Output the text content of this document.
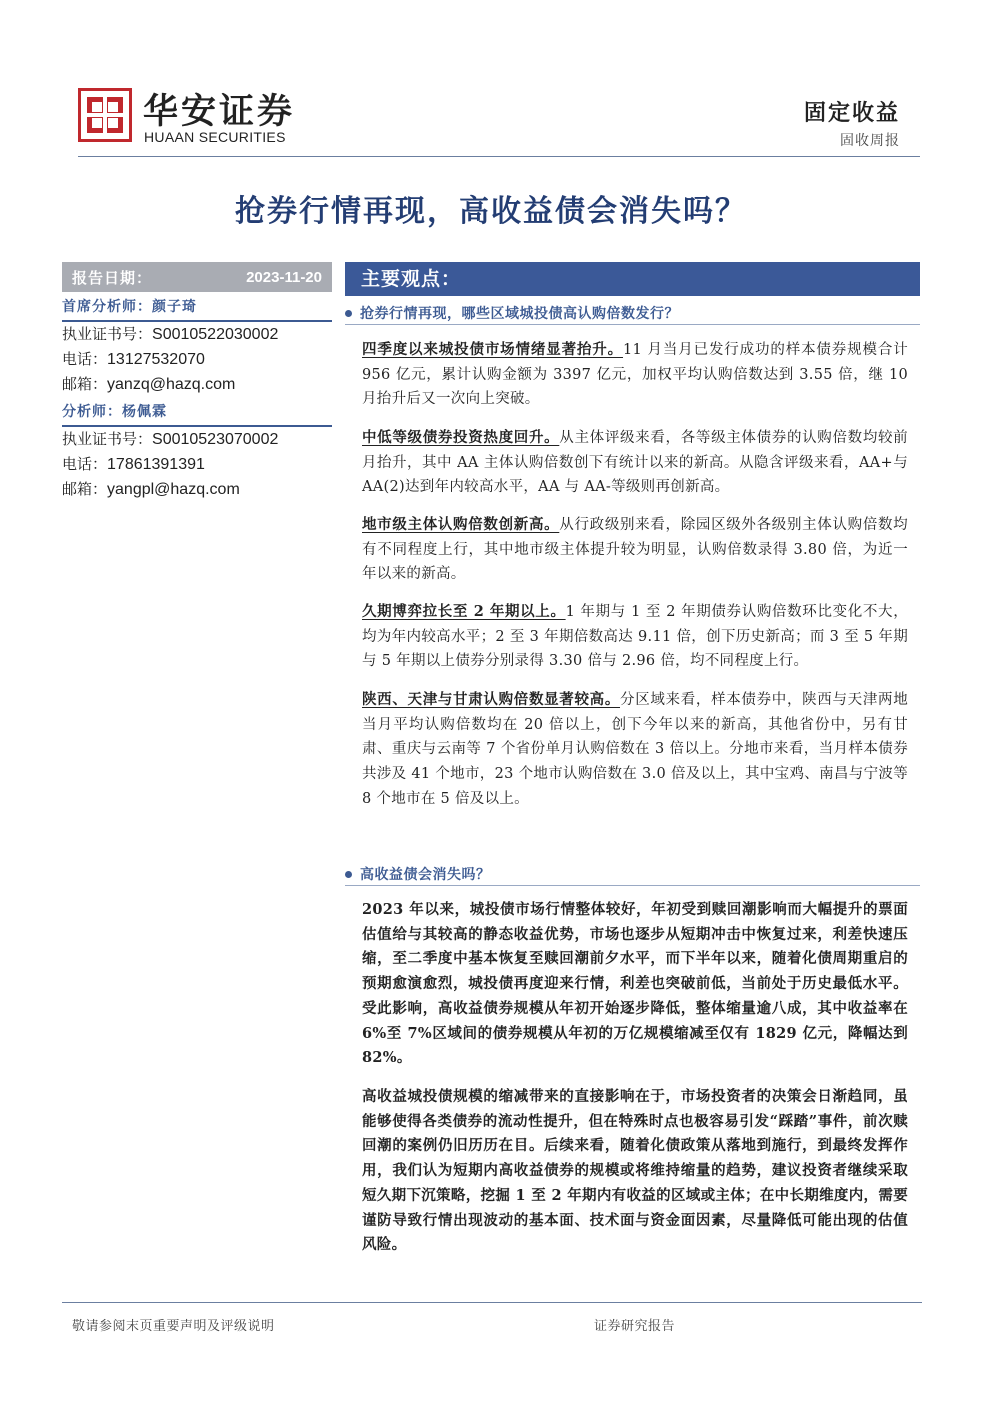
华安证券
HUAAN SECURITIES
固定收益
固收周报
抢券行情再现，高收益债会消失吗？
报告日期：	2023-11-20
首席分析师：颜子琦
执业证书号：S0010522030002
电话：13127532070
邮箱：yanzq@hazq.com
分析师：杨佩霖
执业证书号：S0010523070002
电话：17861391391
邮箱：yangpl@hazq.com
主要观点：
抢券行情再现，哪些区域城投债高认购倍数发行？
四季度以来城投债市场情绪显著抬升。11 月当月已发行成功的样本债券规模合计 956 亿元，累计认购金额为 3397 亿元，加权平均认购倍数达到 3.55 倍，继 10 月抬升后又一次向上突破。
中低等级债券投资热度回升。从主体评级来看，各等级主体债券的认购倍数均较前月抬升，其中 AA 主体认购倍数创下有统计以来的新高。从隐含评级来看，AA+与 AA(2)达到年内较高水平，AA 与 AA-等级则再创新高。
地市级主体认购倍数创新高。从行政级别来看，除园区级外各级别主体认购倍数均有不同程度上行，其中地市级主体提升较为明显，认购倍数录得 3.80 倍，为近一年以来的新高。
久期博弈拉长至 2 年期以上。1 年期与 1 至 2 年期债券认购倍数环比变化不大，均为年内较高水平；2 至 3 年期倍数高达 9.11 倍，创下历史新高；而 3 至 5 年期与 5 年期以上债券分别录得 3.30 倍与 2.96 倍，均不同程度上行。
陕西、天津与甘肃认购倍数显著较高。分区域来看，样本债券中，陕西与天津两地当月平均认购倍数均在 20 倍以上，创下今年以来的新高，其他省份中，另有甘肃、重庆与云南等 7 个省份单月认购倍数在 3 倍以上。分地市来看，当月样本债券共涉及 41 个地市，23 个地市认购倍数在 3.0 倍及以上，其中宝鸡、南昌与宁波等 8 个地市在 5 倍及以上。
高收益债会消失吗？
2023 年以来，城投债市场行情整体较好，年初受到赎回潮影响而大幅提升的票面估值给与其较高的静态收益优势，市场也逐步从短期冲击中恢复过来，利差快速压缩，至二季度中基本恢复至赎回潮前夕水平，而下半年以来，随着化债周期重启的预期愈演愈烈，城投债再度迎来行情，利差也突破前低，当前处于历史最低水平。受此影响，高收益债券规模从年初开始逐步降低，整体缩量逾八成，其中收益率在 6%至 7%区域间的债券规模从年初的万亿规模缩减至仅有 1829 亿元，降幅达到 82%。
高收益城投债规模的缩减带来的直接影响在于，市场投资者的决策会日渐趋同，虽能够使得各类债券的流动性提升，但在特殊时点也极容易引发“踩踏”事件，前次赎回潮的案例仍旧历历在目。后续来看，随着化债政策从落地到施行，到最终发挥作用，我们认为短期内高收益债券的规模或将维持缩量的趋势，建议投资者继续采取短久期下沉策略，挖掘 1 至 2 年期内有收益的区域或主体；在中长期维度内，需要谨防导致行情出现波动的基本面、技术面与资金面因素，尽量降低可能出现的估值风险。
敬请参阅末页重要声明及评级说明	证券研究报告
